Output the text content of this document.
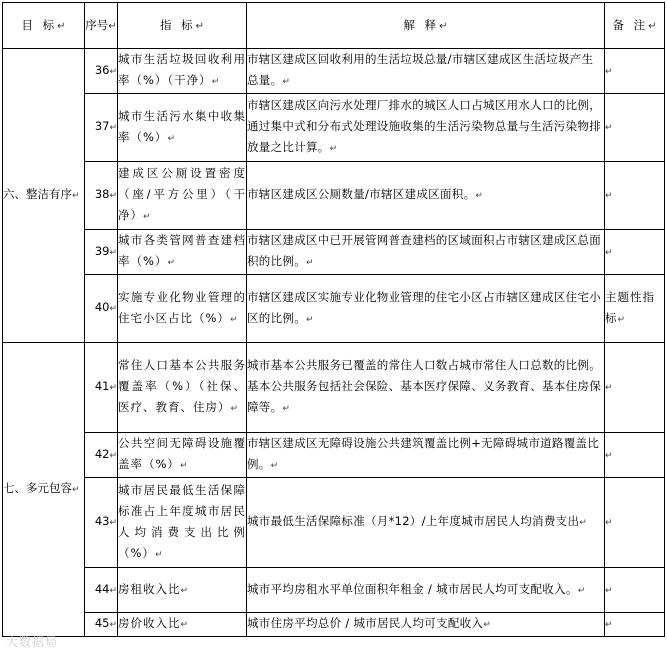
目 标↵	序号↵	指 标↵	解 释↵	备 注↵
六、整洁有序↵	36↵	城市生活垃圾回收利用率（%）（干净）↵	市辖区建成区回收利用的生活垃圾总量/市辖区建成区生活垃圾产生总量。↵	↵
	37↵	城市生活污水集中收集率（%）↵	市辖区建成区向污水处理厂排水的城区人口占城区用水人口的比例，通过集中式和分布式处理设施收集的生活污染物总量与生活污染物排放量之比计算。↵	↵
	38↵	建成区公厕设置密度（座/平方公里）（干净）↵	市辖区建成区公厕数量/市辖区建成区面积。↵	↵
	39↵	城市各类管网普查建档率（%）↵	市辖区建成区中已开展管网普查建档的区域面积占市辖区建成区总面积的比例。↵	↵
	40↵	实施专业化物业管理的住宅小区占比（%）↵	市辖区建成区实施专业化物业管理的住宅小区占市辖区建成区住宅小区的比例。↵	主题性指标↵
七、多元包容↵	41↵	常住人口基本公共服务覆盖率（%）（社保、医疗、教育、住房）↵	城市基本公共服务已覆盖的常住人口数占城市常住人口总数的比例。基本公共服务包括社会保险、基本医疗保障、义务教育、基本住房保障等。↵	↵
	42↵	公共空间无障碍设施覆盖率（%）↵	市辖区建成区无障碍设施公共建筑覆盖比例+无障碍城市道路覆盖比例。↵	↵
	43↵	城市居民最低生活保障标准占上年度城市居民人均消费支出比例（%）↵	城市最低生活保障标准（月*12）/上年度城市居民人均消费支出↵	↵
	44↵	房租收入比↵	城市平均房租水平单位面积年租金 / 城市居民人均可支配收入。↵	↵
	45↵	房价收入比↵	城市住房平均总价 / 城市居民人均可支配收入↵	↵
大数据局
